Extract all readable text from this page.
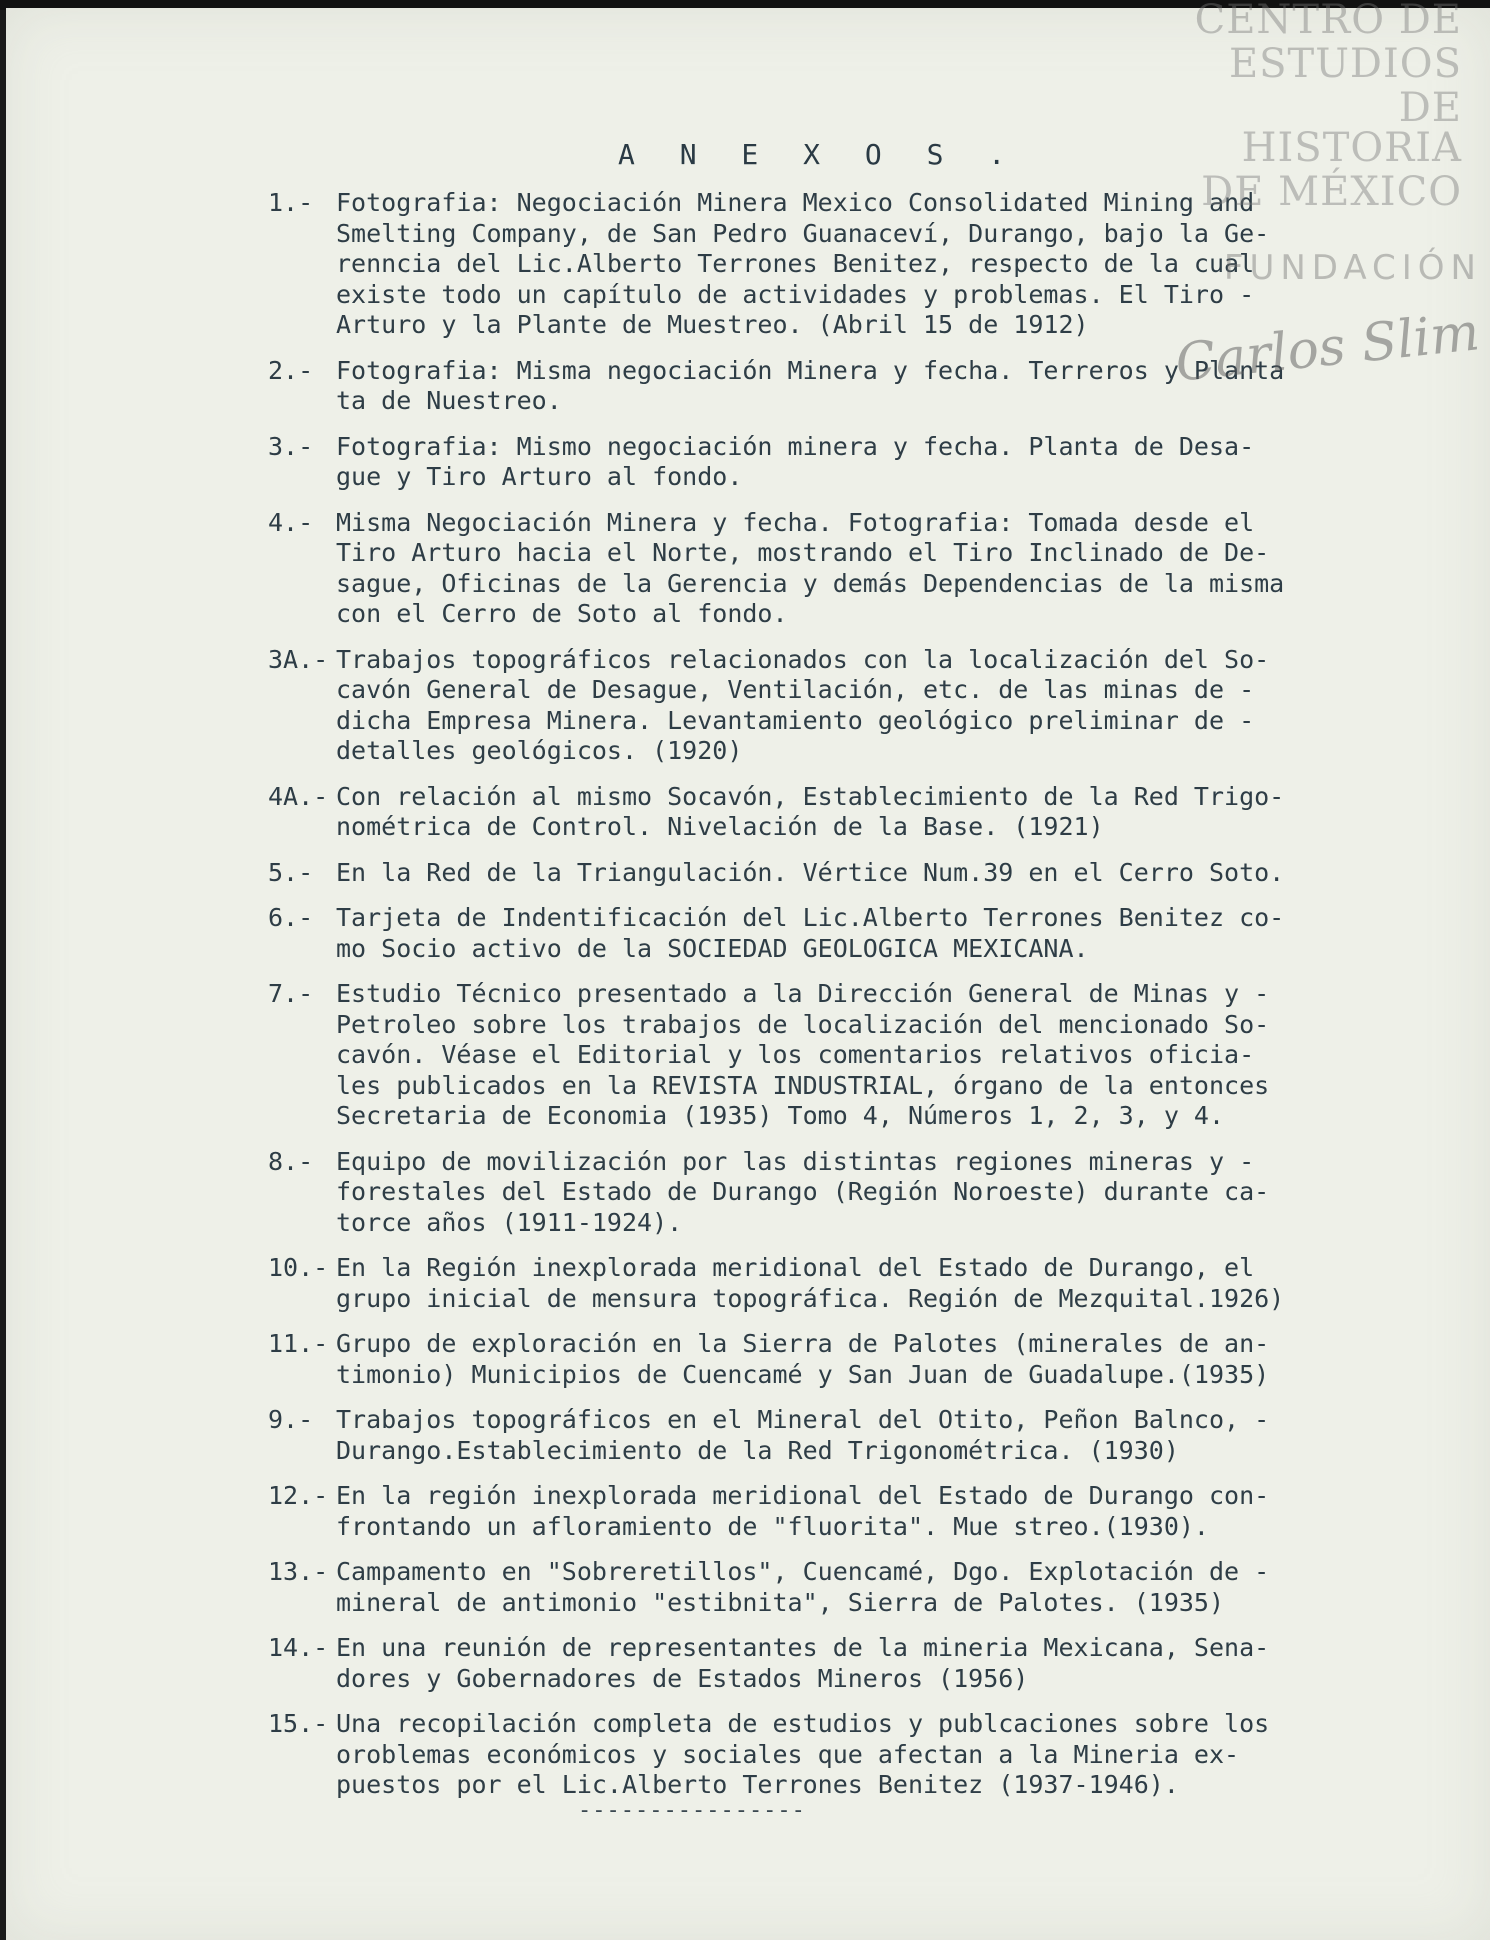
A N E X O S .
1.- Fotografia: Negociación Minera Mexico Consolidated Mining and
Smelting Company, de San Pedro Guanaceví, Durango, bajo la Ge-
renncia del Lic.Alberto Terrones Benitez, respecto de la cual
existe todo un capítulo de actividades y problemas. El Tiro -
Arturo y la Plante de Muestreo. (Abril 15 de 1912)
2.- Fotografia: Misma negociación Minera y fecha. Terreros y Planta
ta de Nuestreo.
3.- Fotografia: Mismo negociación minera y fecha. Planta de Desa-
gue y Tiro Arturo al fondo.
4.- Misma Negociación Minera y fecha. Fotografia: Tomada desde el
Tiro Arturo hacia el Norte, mostrando el Tiro Inclinado de De-
sague, Oficinas de la Gerencia y demás Dependencias de la misma
con el Cerro de Soto al fondo.
3A.- Trabajos topográficos relacionados con la localización del So-
cavón General de Desague, Ventilación, etc. de las minas de -
dicha Empresa Minera. Levantamiento geológico preliminar de -
detalles geológicos. (1920)
4A.- Con relación al mismo Socavón, Establecimiento de la Red Trigo-
nométrica de Control. Nivelación de la Base. (1921)
5.- En la Red de la Triangulación. Vértice Num.39 en el Cerro Soto.
6.- Tarjeta de Indentificación del Lic.Alberto Terrones Benitez co-
mo Socio activo de la SOCIEDAD GEOLOGICA MEXICANA.
7.- Estudio Técnico presentado a la Dirección General de Minas y -
Petroleo sobre los trabajos de localización del mencionado So-
cavón. Véase el Editorial y los comentarios relativos oficia-
les publicados en la REVISTA INDUSTRIAL, órgano de la entonces
Secretaria de Economia (1935) Tomo 4, Números 1, 2, 3, y 4.
8.- Equipo de movilización por las distintas regiones mineras y -
forestales del Estado de Durango (Región Noroeste) durante ca-
torce años (1911-1924).
10.- En la Región inexplorada meridional del Estado de Durango, el
grupo inicial de mensura topográfica. Región de Mezquital.1926)
11.- Grupo de exploración en la Sierra de Palotes (minerales de an-
timonio) Municipios de Cuencamé y San Juan de Guadalupe.(1935)
9.- Trabajos topográficos en el Mineral del Otito, Peñon Balnco, -
Durango.Establecimiento de la Red Trigonométrica. (1930)
12.- En la región inexplorada meridional del Estado de Durango con-
frontando un afloramiento de "fluorita". Mue streo.(1930).
13.- Campamento en "Sobreretillos", Cuencamé, Dgo. Explotación de -
mineral de antimonio "estibnita", Sierra de Palotes. (1935)
14.- En una reunión de representantes de la mineria Mexicana, Sena-
dores y Gobernadores de Estados Mineros (1956)
15.- Una recopilación completa de estudios y publcaciones sobre los
oroblemas económicos y sociales que afectan a la Mineria ex-
puestos por el Lic.Alberto Terrones Benitez (1937-1946).
----------------
CENTRO DE
ESTUDIOS
DE HISTORIA
DE MÉXICO
FUNDACIÓN
Carlos Slim
